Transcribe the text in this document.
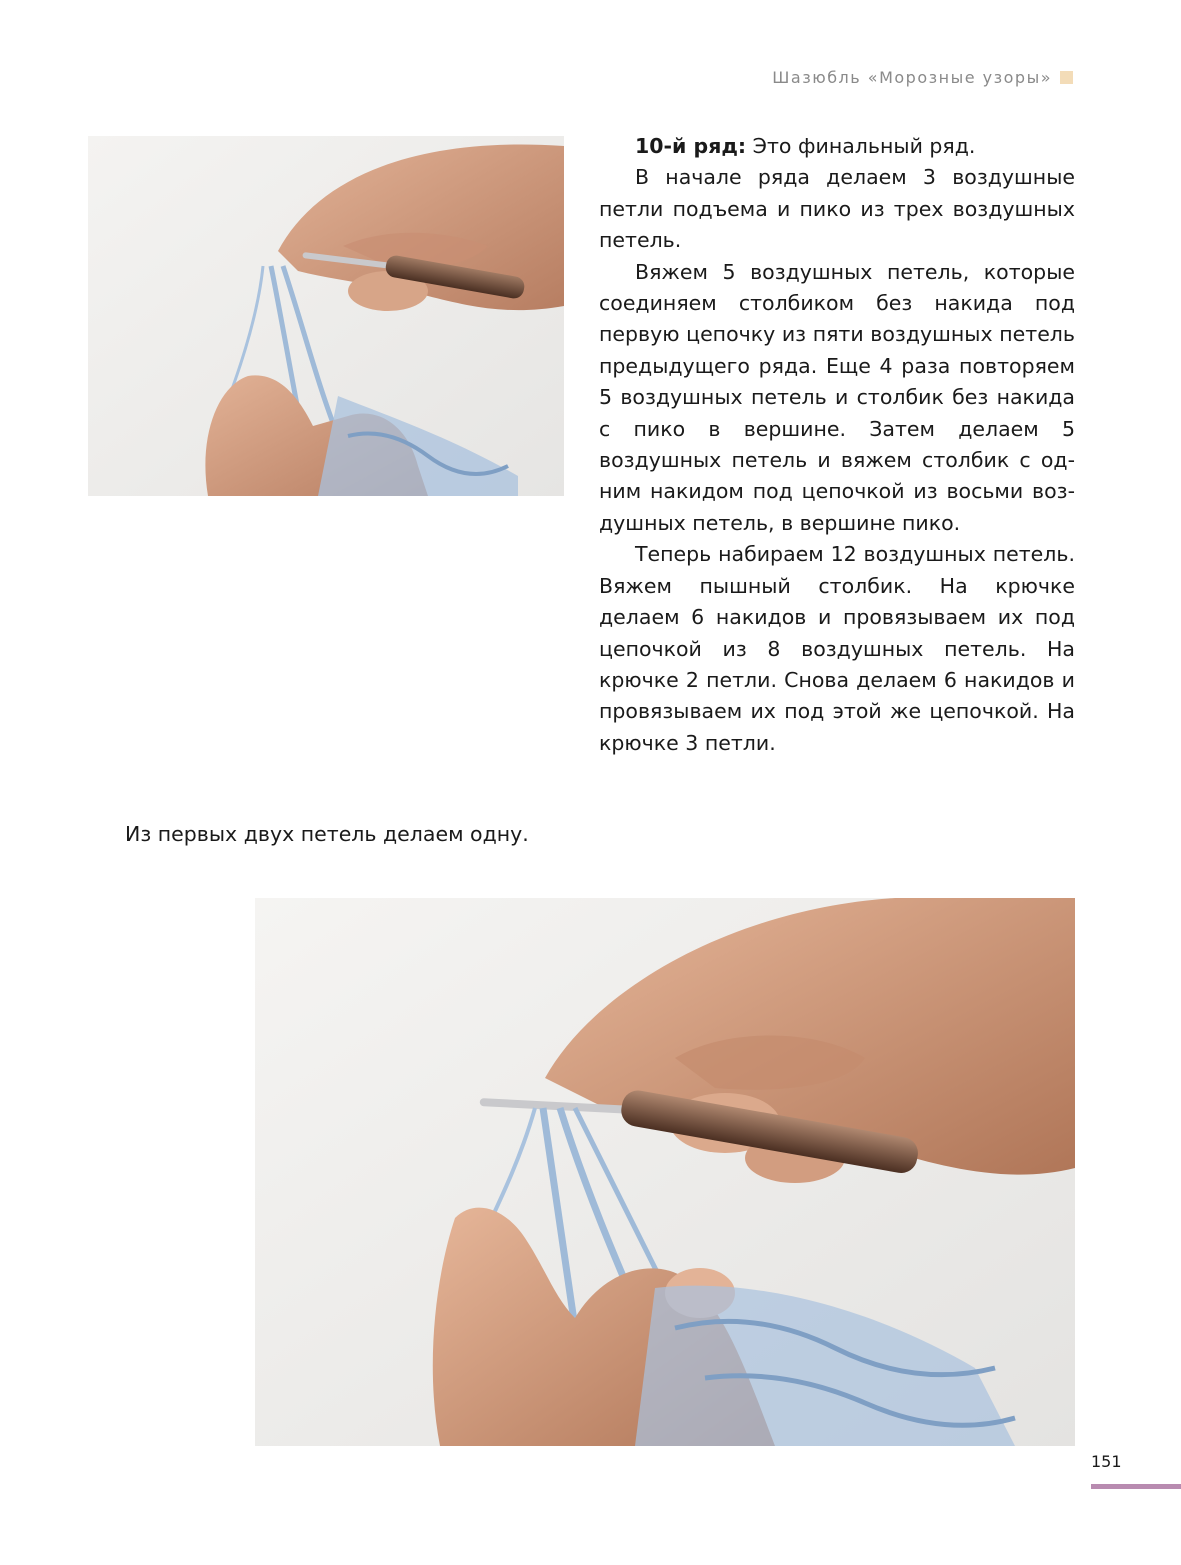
Шазюбль «Морозные узоры»

10-й ряд: Это финальный ряд.

В начале ряда делаем 3 воздушные петли подъема и пико из трех воздушных петель.

Вяжем 5 воздушных петель, которые соединяем столбиком без накида под первую цепочку из пяти воздушных петель предыдущего ряда. Еще 4 раза повторяем 5 воздушных петель и столбик без накида с пико в вершине. Затем делаем 5 воздушных петель и вяжем столбик с одним накидом под цепочкой из восьми воздушных петель, в вершине пико.

Теперь набираем 12 воздушных петель. Вяжем пышный столбик. На крючке делаем 6 накидов и провязываем их под цепочкой из 8 воздушных петель. На крючке 2 петли. Снова делаем 6 накидов и провязываем их под этой же цепочкой. На крючке 3 петли.

Из первых двух петель делаем одну.
151
